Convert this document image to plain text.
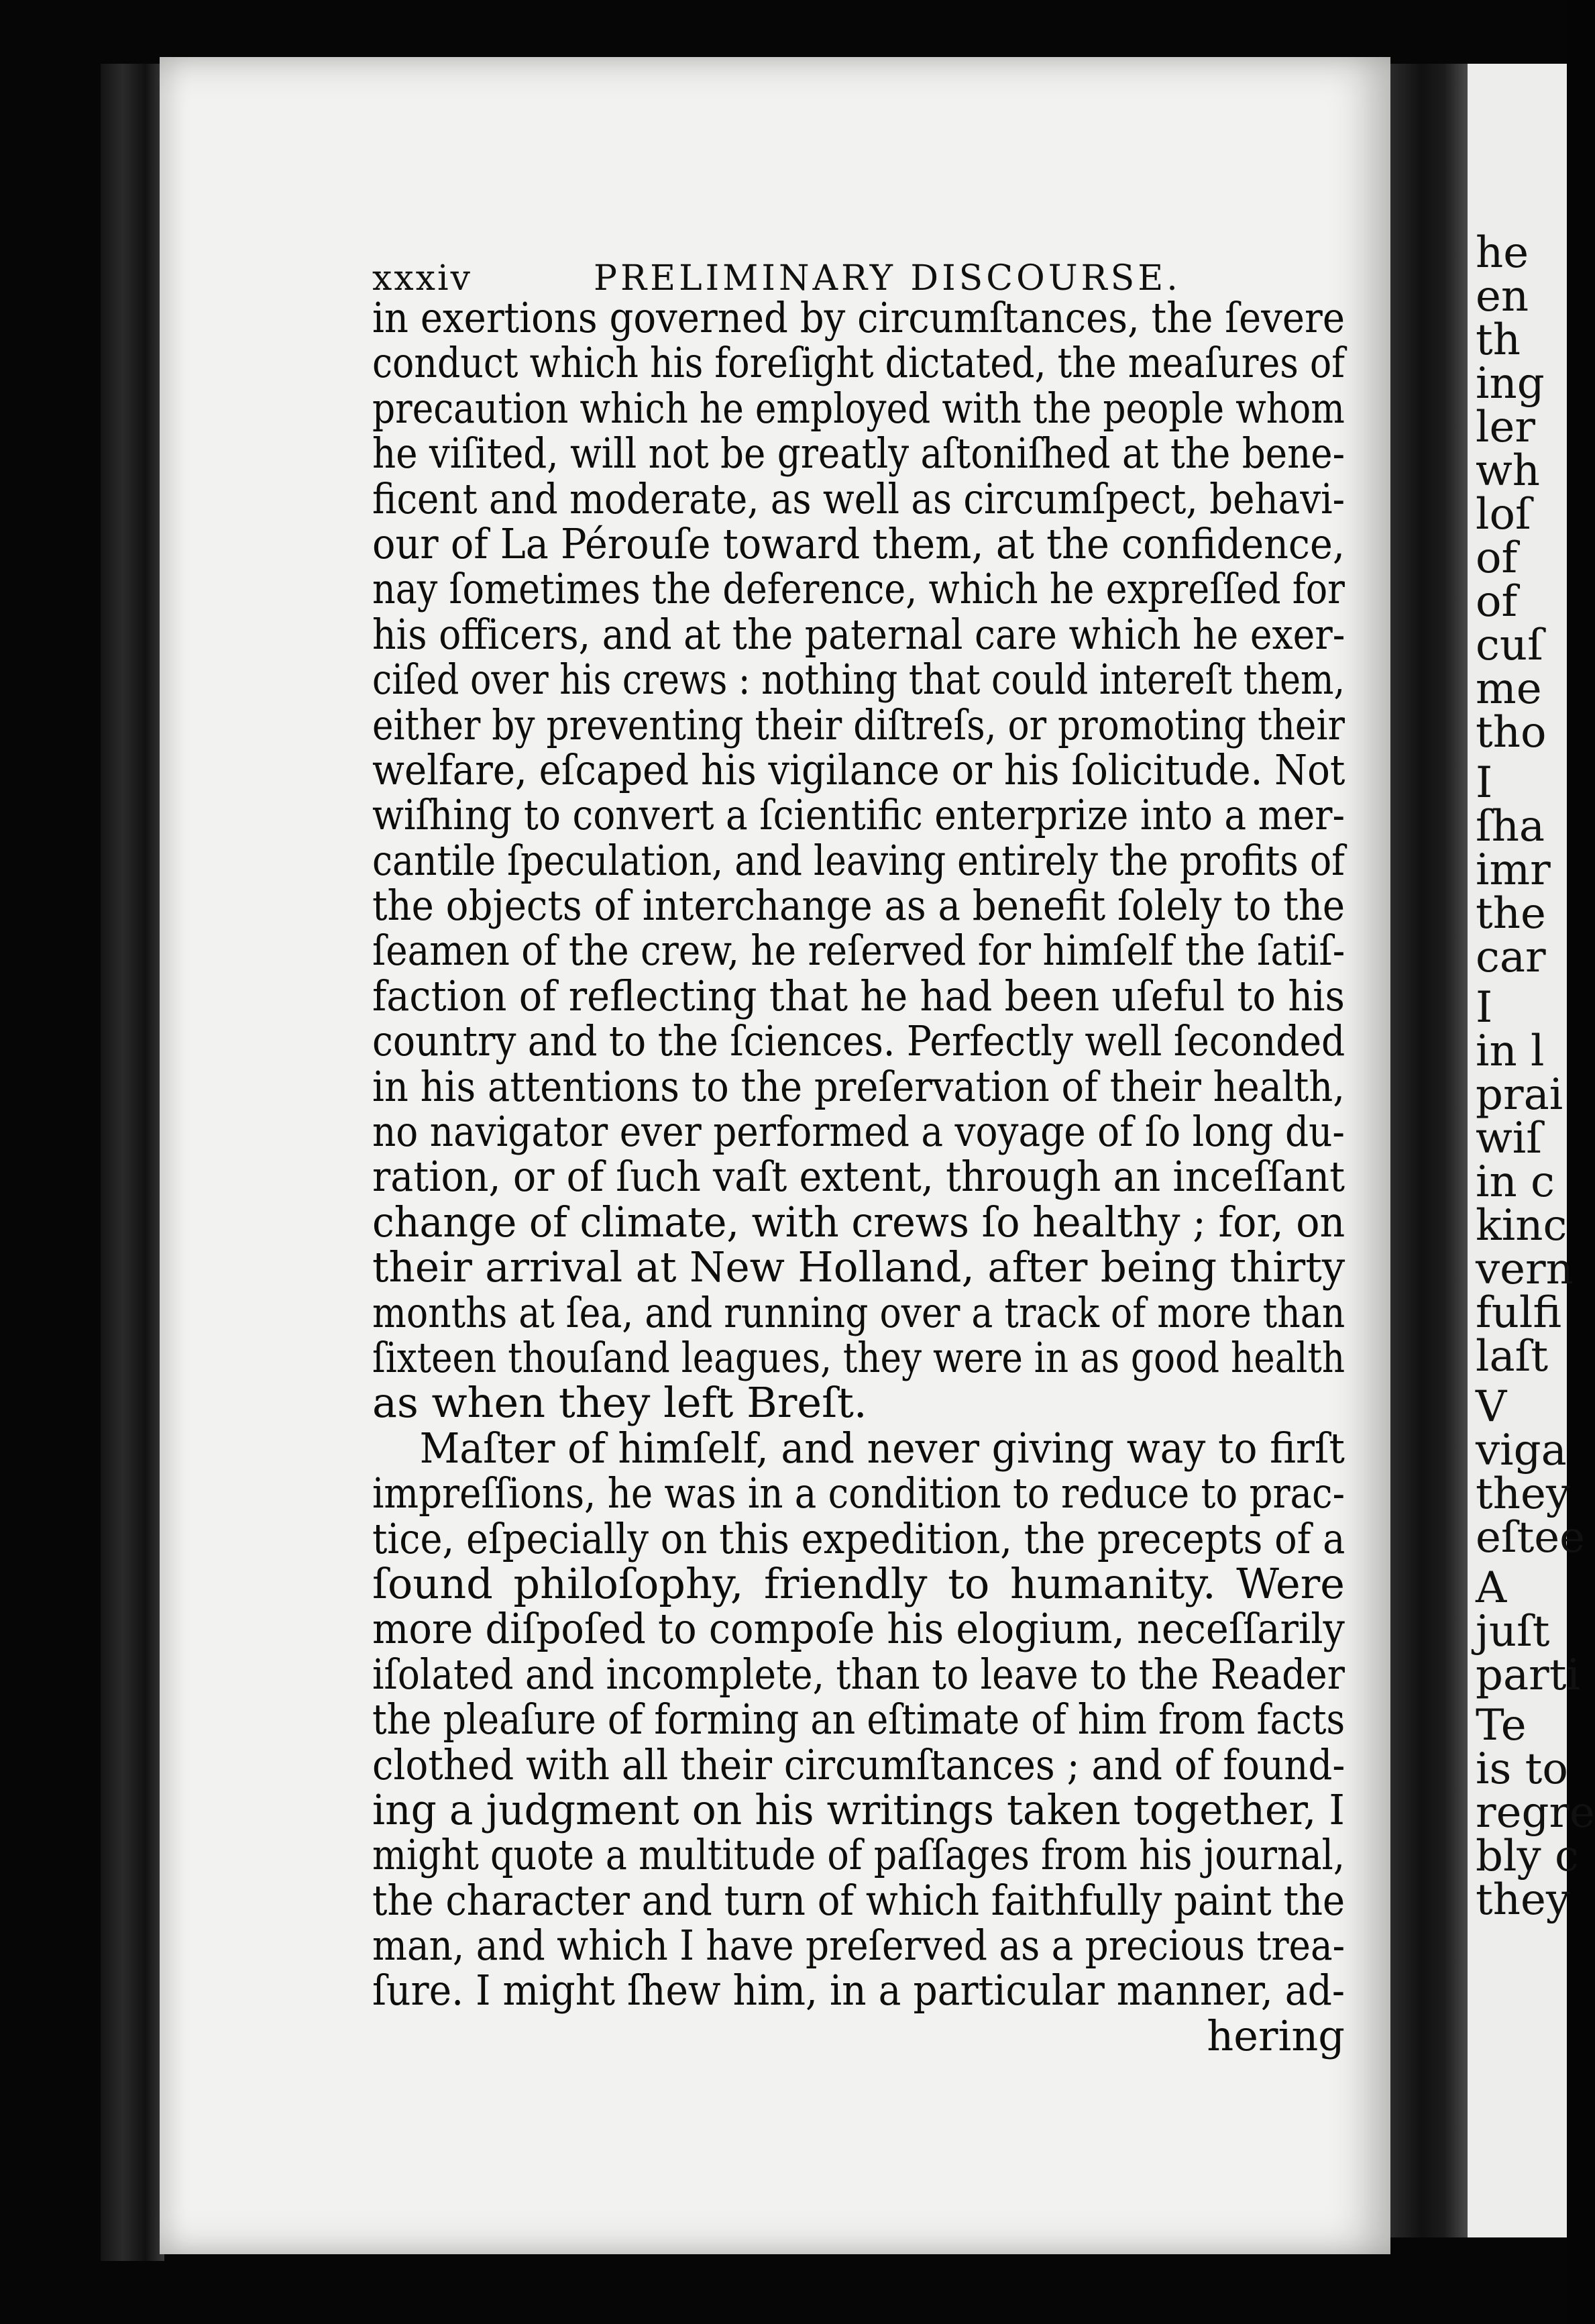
he
en
th
ing
ler
wh
loſ
of
of
cuſ
me
tho
I
ſha
imr
the
car
I
in l
prai
wiſ
in c
kinc
vern
fulfi
laſt
V
viga
they
eſtee
A
juſt
parti
Te
is to
regre
bly c
they
xxxiv	PRELIMINARY DISCOURSE.
in exertions governed by circumſtances, the ſevere
conduct which his foreſight dictated, the meaſures of
precaution which he employed with the people whom
he viſited, will not be greatly aſtoniſhed at the bene-
ficent and moderate, as well as circumſpect, behavi-
our of La Pérouſe toward them, at the confidence,
nay ſometimes the deference, which he expreſſed for
his officers, and at the paternal care which he exer-
ciſed over his crews : nothing that could intereſt them,
either by preventing their diſtreſs, or promoting their
welfare, eſcaped his vigilance or his ſolicitude. Not
wiſhing to convert a ſcientific enterprize into a mer-
cantile ſpeculation, and leaving entirely the profits of
the objects of interchange as a benefit ſolely to the
ſeamen of the crew, he reſerved for himſelf the ſatiſ-
faction of reflecting that he had been uſeful to his
country and to the ſciences. Perfectly well ſeconded
in his attentions to the preſervation of their health,
no navigator ever performed a voyage of ſo long du-
ration, or of ſuch vaſt extent, through an inceſſant
change of climate, with crews ſo healthy ; for, on
their arrival at New Holland, after being thirty
months at ſea, and running over a track of more than
ſixteen thouſand leagues, they were in as good health
as when they left Breſt.
Maſter of himſelf, and never giving way to firſt
impreſſions, he was in a condition to reduce to prac-
tice, eſpecially on this expedition, the precepts of a
ſound philoſophy, friendly to humanity. Were
more diſpoſed to compoſe his elogium, neceſſarily
iſolated and incomplete, than to leave to the Reader
the pleaſure of forming an eſtimate of him from facts
clothed with all their circumſtances ; and of found-
ing a judgment on his writings taken together, I
might quote a multitude of paſſages from his journal,
the character and turn of which faithfully paint the
man, and which I have preſerved as a precious trea-
ſure. I might ſhew him, in a particular manner, ad-
hering
